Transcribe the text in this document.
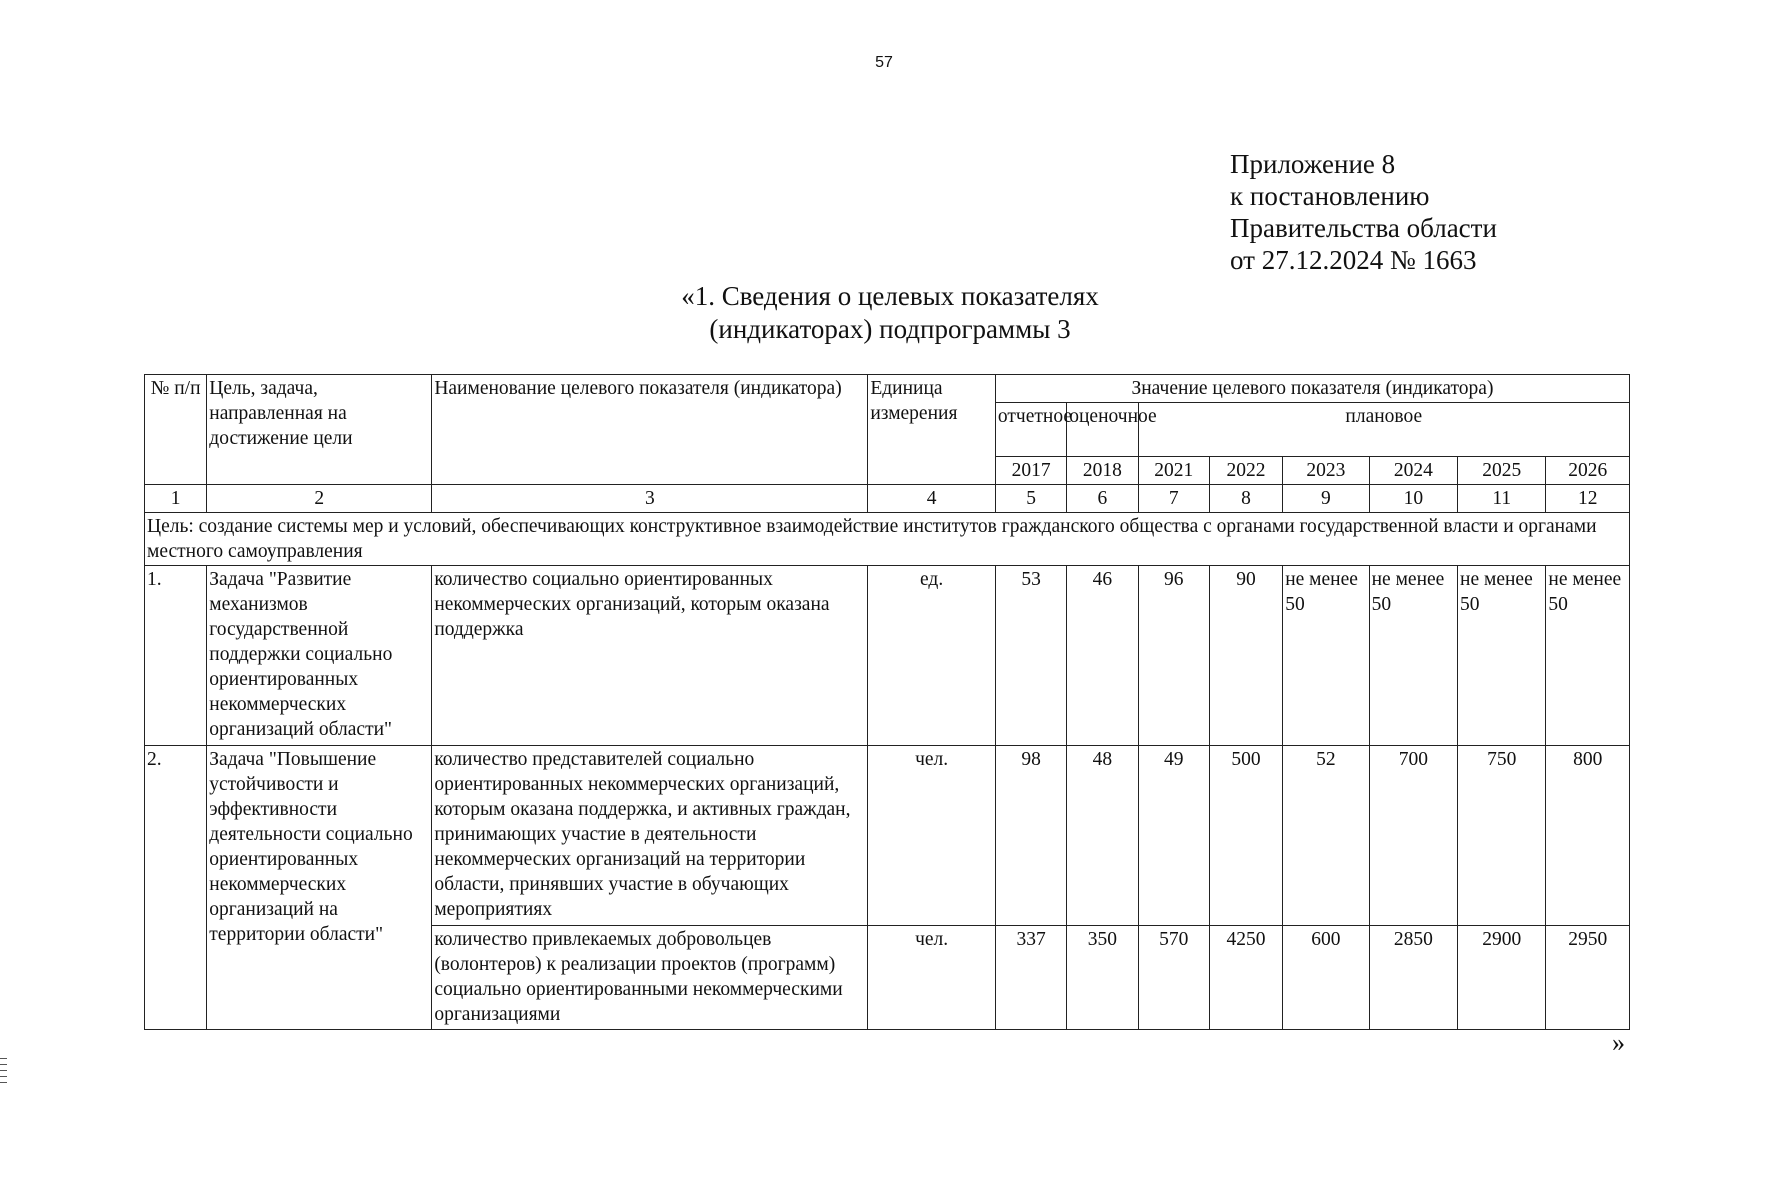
57
Приложение 8
к постановлению
Правительства области
от 27.12.2024 № 1663
«1. Сведения о целевых показателях
(индикаторах) подпрограммы 3
№ п/п	Цель, задача, направленная на достижение цели	Наименование целевого показателя (индикатора)	Единица измерения	Значение целевого показателя (индикатора)							
				отчетное	оценочное	плановое					
				2017	2018	2021	2022	2023	2024	2025	2026
1	2	3	4	5	6	7	8	9	10	11	12
Цель: создание системы мер и условий, обеспечивающих конструктивное взаимодействие институтов гражданского общества с органами государственной власти и органами местного самоуправления											
1.	Задача "Развитие механизмов государственной поддержки социально ориентированных некоммерческих организаций области"	количество социально ориентированных некоммерческих организаций, которым оказана поддержка	ед.	53	46	96	90	не менее 50	не менее 50	не менее 50	не менее 50
2.	Задача "Повышение устойчивости и эффективности деятельности социально ориентированных некоммерческих организаций на территории области"	количество представителей социально ориентированных некоммерческих организаций, которым оказана поддержка, и активных граждан, принимающих участие в деятельности некоммерческих организаций на территории области, принявших участие в обучающих мероприятиях	чел.	98	48	49	500	52	700	750	800
		количество привлекаемых добровольцев (волонтеров) к реализации проектов (программ) социально ориентированными некоммерческими организациями	чел.	337	350	570	4250	600	2850	2900	2950
»
